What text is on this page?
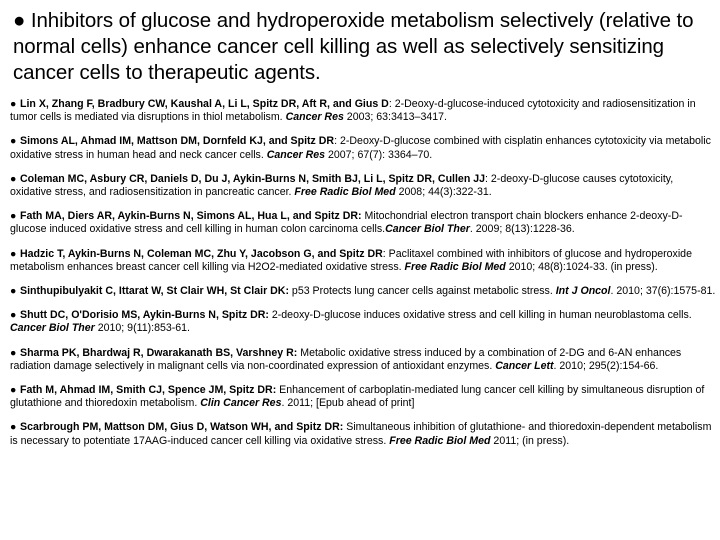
● Inhibitors of glucose and hydroperoxide metabolism selectively (relative to normal cells) enhance cancer cell killing as well as selectively sensitizing cancer cells to therapeutic agents.
● Lin X, Zhang F, Bradbury CW, Kaushal A, Li L, Spitz DR, Aft R, and Gius D: 2-Deoxy-d-glucose-induced cytotoxicity and radiosensitization in tumor cells is mediated via disruptions in thiol metabolism. Cancer Res 2003; 63:3413–3417.
● Simons AL, Ahmad IM, Mattson DM, Dornfeld KJ, and Spitz DR: 2-Deoxy-D-glucose combined with cisplatin enhances cytotoxicity via metabolic oxidative stress in human head and neck cancer cells. Cancer Res 2007; 67(7): 3364–70.
● Coleman MC, Asbury CR, Daniels D, Du J, Aykin-Burns N, Smith BJ, Li L, Spitz DR, Cullen JJ: 2-deoxy-D-glucose causes cytotoxicity, oxidative stress, and radiosensitization in pancreatic cancer. Free Radic Biol Med 2008; 44(3):322-31.
● Fath MA, Diers AR, Aykin-Burns N, Simons AL, Hua L, and Spitz DR: Mitochondrial electron transport chain blockers enhance 2-deoxy-D-glucose induced oxidative stress and cell killing in human colon carcinoma cells.Cancer Biol Ther. 2009; 8(13):1228-36.
● Hadzic T, Aykin-Burns N, Coleman MC, Zhu Y, Jacobson G, and Spitz DR: Paclitaxel combined with inhibitors of glucose and hydroperoxide metabolism enhances breast cancer cell killing via H2O2-mediated oxidative stress. Free Radic Biol Med 2010; 48(8):1024-33. (in press).
● Sinthupibulyakit C, Ittarat W, St Clair WH, St Clair DK: p53 Protects lung cancer cells against metabolic stress. Int J Oncol. 2010; 37(6):1575-81.
● Shutt DC, O'Dorisio MS, Aykin-Burns N, Spitz DR: 2-deoxy-D-glucose induces oxidative stress and cell killing in human neuroblastoma cells. Cancer Biol Ther 2010; 9(11):853-61.
● Sharma PK, Bhardwaj R, Dwarakanath BS, Varshney R: Metabolic oxidative stress induced by a combination of 2-DG and 6-AN enhances radiation damage selectively in malignant cells via non-coordinated expression of antioxidant enzymes. Cancer Lett. 2010; 295(2):154-66.
● Fath M, Ahmad IM, Smith CJ, Spence JM, Spitz DR: Enhancement of carboplatin-mediated lung cancer cell killing by simultaneous disruption of glutathione and thioredoxin metabolism. Clin Cancer Res. 2011; [Epub ahead of print]
● Scarbrough PM, Mattson DM, Gius D, Watson WH, and Spitz DR: Simultaneous inhibition of glutathione- and thioredoxin-dependent metabolism is necessary to potentiate 17AAG-induced cancer cell killing via oxidative stress. Free Radic Biol Med 2011; (in press).
